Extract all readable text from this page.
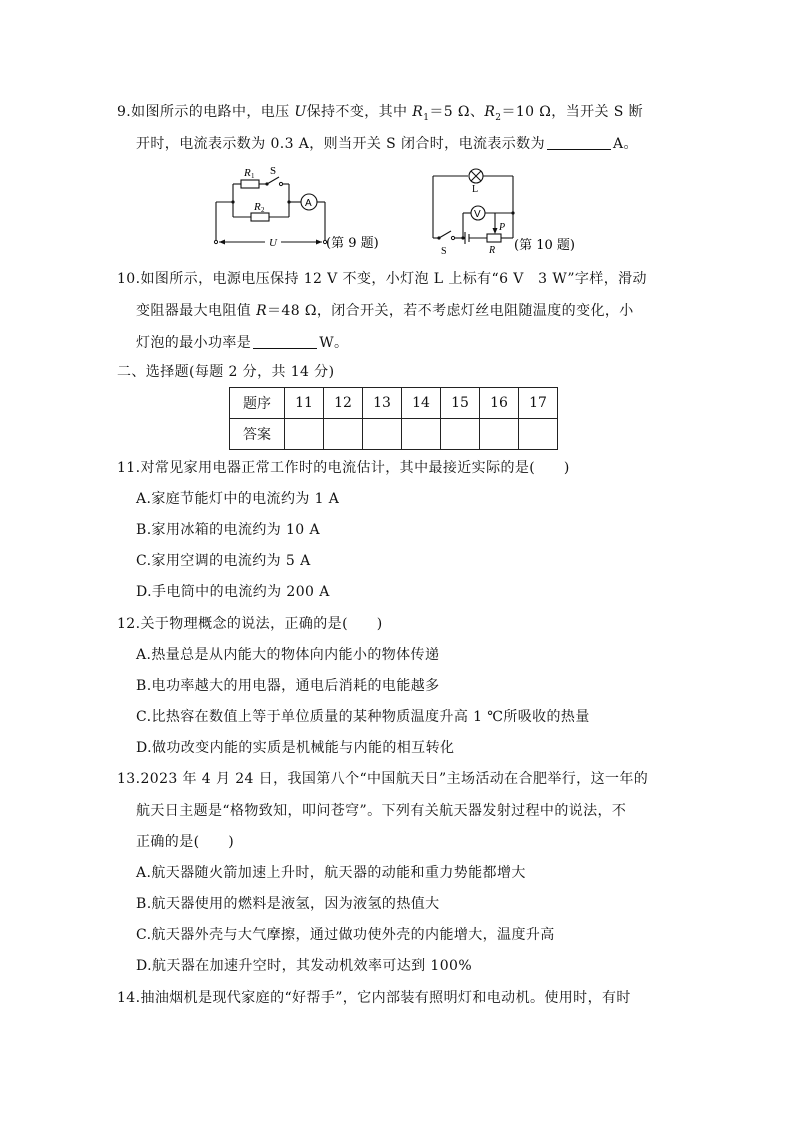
9.如图所示的电路中，电压 U保持不变，其中 $R_1=5$ Ω、$R_2=10$ Ω，当开关 S 断
开时，电流表示数为 0.3 A，则当开关 S 闭合时，电流表示数为	A。
R 1 S
R 2
A
U	(第 9 题)
L
V
P
R
S	(第 10 题)
10.如图所示，电源电压保持 12 V 不变，小灯泡 L 上标有“6 V　3 W”字样，滑动
变阻器最大电阻值 R＝48 Ω，闭合开关，若不考虑灯丝电阻随温度的变化，小
灯泡的最小功率是	W。
二、选择题(每题 2 分，共 14 分)
题序	11	12	13	14	15	16	17
答案							
11.对常见家用电器正常工作时的电流估计，其中最接近实际的是(　　)
A.家庭节能灯中的电流约为 1 A
B.家用冰箱的电流约为 10 A
C.家用空调的电流约为 5 A
D.手电筒中的电流约为 200 A
12.关于物理概念的说法，正确的是(　　)
A.热量总是从内能大的物体向内能小的物体传递
B.电功率越大的用电器，通电后消耗的电能越多
C.比热容在数值上等于单位质量的某种物质温度升高 1 ℃所吸收的热量
D.做功改变内能的实质是机械能与内能的相互转化
13.2023 年 4 月 24 日，我国第八个“中国航天日”主场活动在合肥举行，这一年的
航天日主题是“格物致知，叩问苍穹”。下列有关航天器发射过程中的说法，不
正确的是(　　)
A.航天器随火箭加速上升时，航天器的动能和重力势能都增大
B.航天器使用的燃料是液氢，因为液氢的热值大
C.航天器外壳与大气摩擦，通过做功使外壳的内能增大，温度升高
D.航天器在加速升空时，其发动机效率可达到 100%
14.抽油烟机是现代家庭的“好帮手”，它内部装有照明灯和电动机。使用时，有时
